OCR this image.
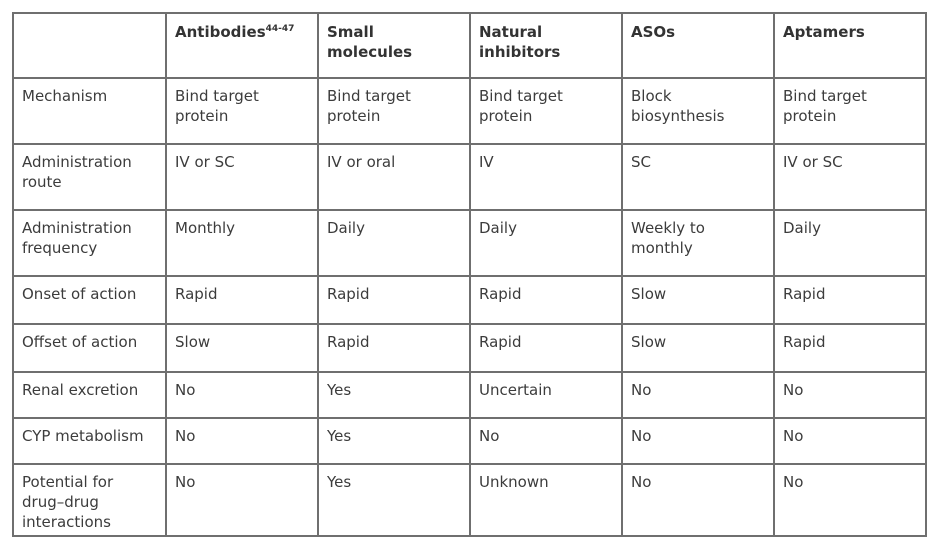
	Antibodies$^{44-47}$	Small molecules	Natural inhibitors	ASOs	Aptamers
Mechanism	Bind target protein	Bind target protein	Bind target protein	Block biosynthesis	Bind target protein
Administration route	IV or SC	IV or oral	IV	SC	IV or SC
Administration frequency	Monthly	Daily	Daily	Weekly to monthly	Daily
Onset of action	Rapid	Rapid	Rapid	Slow	Rapid
Offset of action	Slow	Rapid	Rapid	Slow	Rapid
Renal excretion	No	Yes	Uncertain	No	No
CYP metabolism	No	Yes	No	No	No
Potential for drug–drug interactions	No	Yes	Unknown	No	No
